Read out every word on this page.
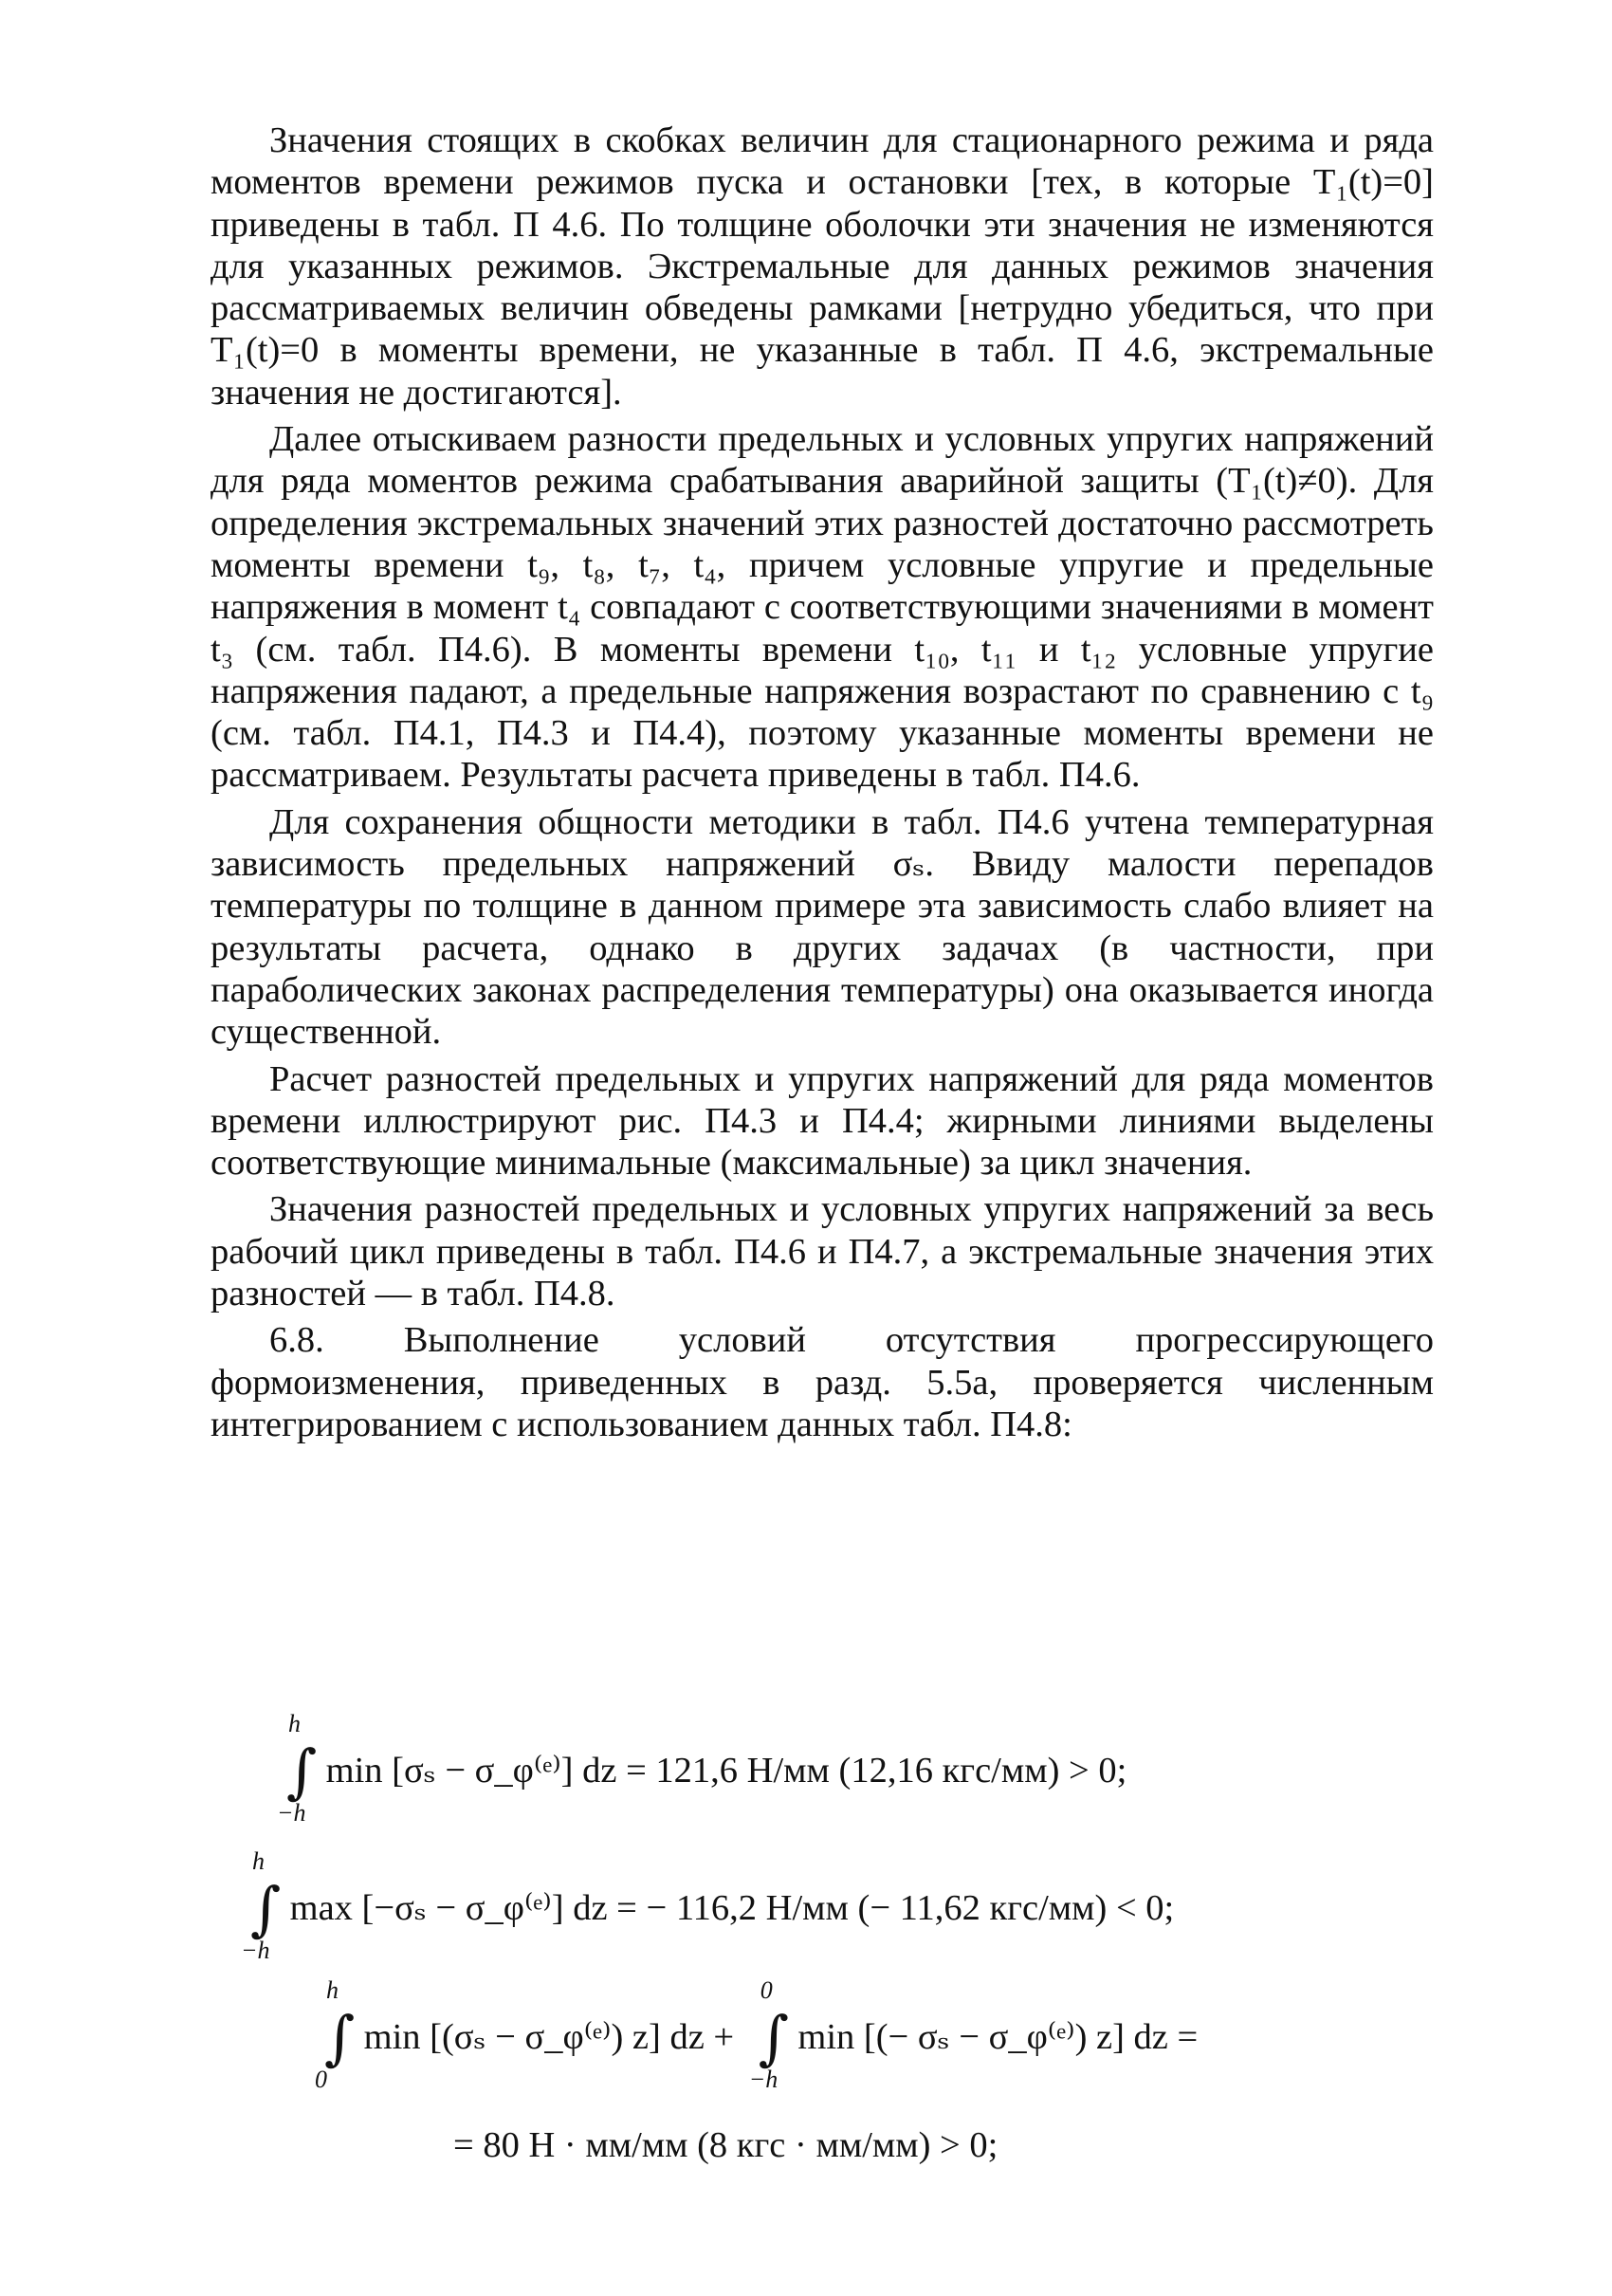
Значения стоящих в скобках величин для стационарного режима и ряда моментов времени режимов пуска и остановки [тех, в которые T₁(t)=0] приведены в табл. П 4.6. По толщине оболочки эти значения не изменяются для указанных режимов. Экстремальные для данных режимов значения рассматриваемых величин обведены рамками [нетрудно убедиться, что при T₁(t)=0 в моменты времени, не указанные в табл. П 4.6, экстремальные значения не достигаются].

Далее отыскиваем разности предельных и условных упругих напряжений для ряда моментов режима срабатывания аварийной защиты (T₁(t)≠0). Для определения экстремальных значений этих разностей достаточно рассмотреть моменты времени t₉, t₈, t₇, t₄, причем условные упругие и предельные напряжения в момент t₄ совпадают с соответствующими значениями в момент t₃ (см. табл. П4.6). В моменты времени t₁₀, t₁₁ и t₁₂ условные упругие напряжения падают, а предельные напряжения возрастают по сравнению с t₉ (см. табл. П4.1, П4.3 и П4.4), поэтому указанные моменты времени не рассматриваем. Результаты расчета приведены в табл. П4.6.

Для сохранения общности методики в табл. П4.6 учтена температурная зависимость предельных напряжений σₛ. Ввиду малости перепадов температуры по толщине в данном примере эта зависимость слабо влияет на результаты расчета, однако в других задачах (в частности, при параболических законах распределения температуры) она оказывается иногда существенной.

Расчет разностей предельных и упругих напряжений для ряда моментов времени иллюстрируют рис. П4.3 и П4.4; жирными линиями выделены соответствующие минимальные (максимальные) за цикл значения.

Значения разностей предельных и условных упругих напряжений за весь рабочий цикл приведены в табл. П4.6 и П4.7, а экстремальные значения этих разностей — в табл. П4.8.

6.8. Выполнение условий отсутствия прогрессирующего формоизменения, приведенных в разд. 5.5а, проверяется численным интегрированием с использованием данных табл. П4.8:

h
∫
−h
min [σₛ − σ_φ⁽ᵉ⁾] dz = 121,6 Н/мм (12,16 кгс/мм) > 0;
h
∫
−h
max [−σₛ − σ_φ⁽ᵉ⁾] dz = − 116,2 Н/мм (− 11,62 кгс/мм) < 0;
h
∫
0
min [(σₛ − σ_φ⁽ᵉ⁾) z] dz +
0
∫
−h
min [(− σₛ − σ_φ⁽ᵉ⁾) z] dz =
= 80 Н · мм/мм (8 кгс · мм/мм) > 0;
